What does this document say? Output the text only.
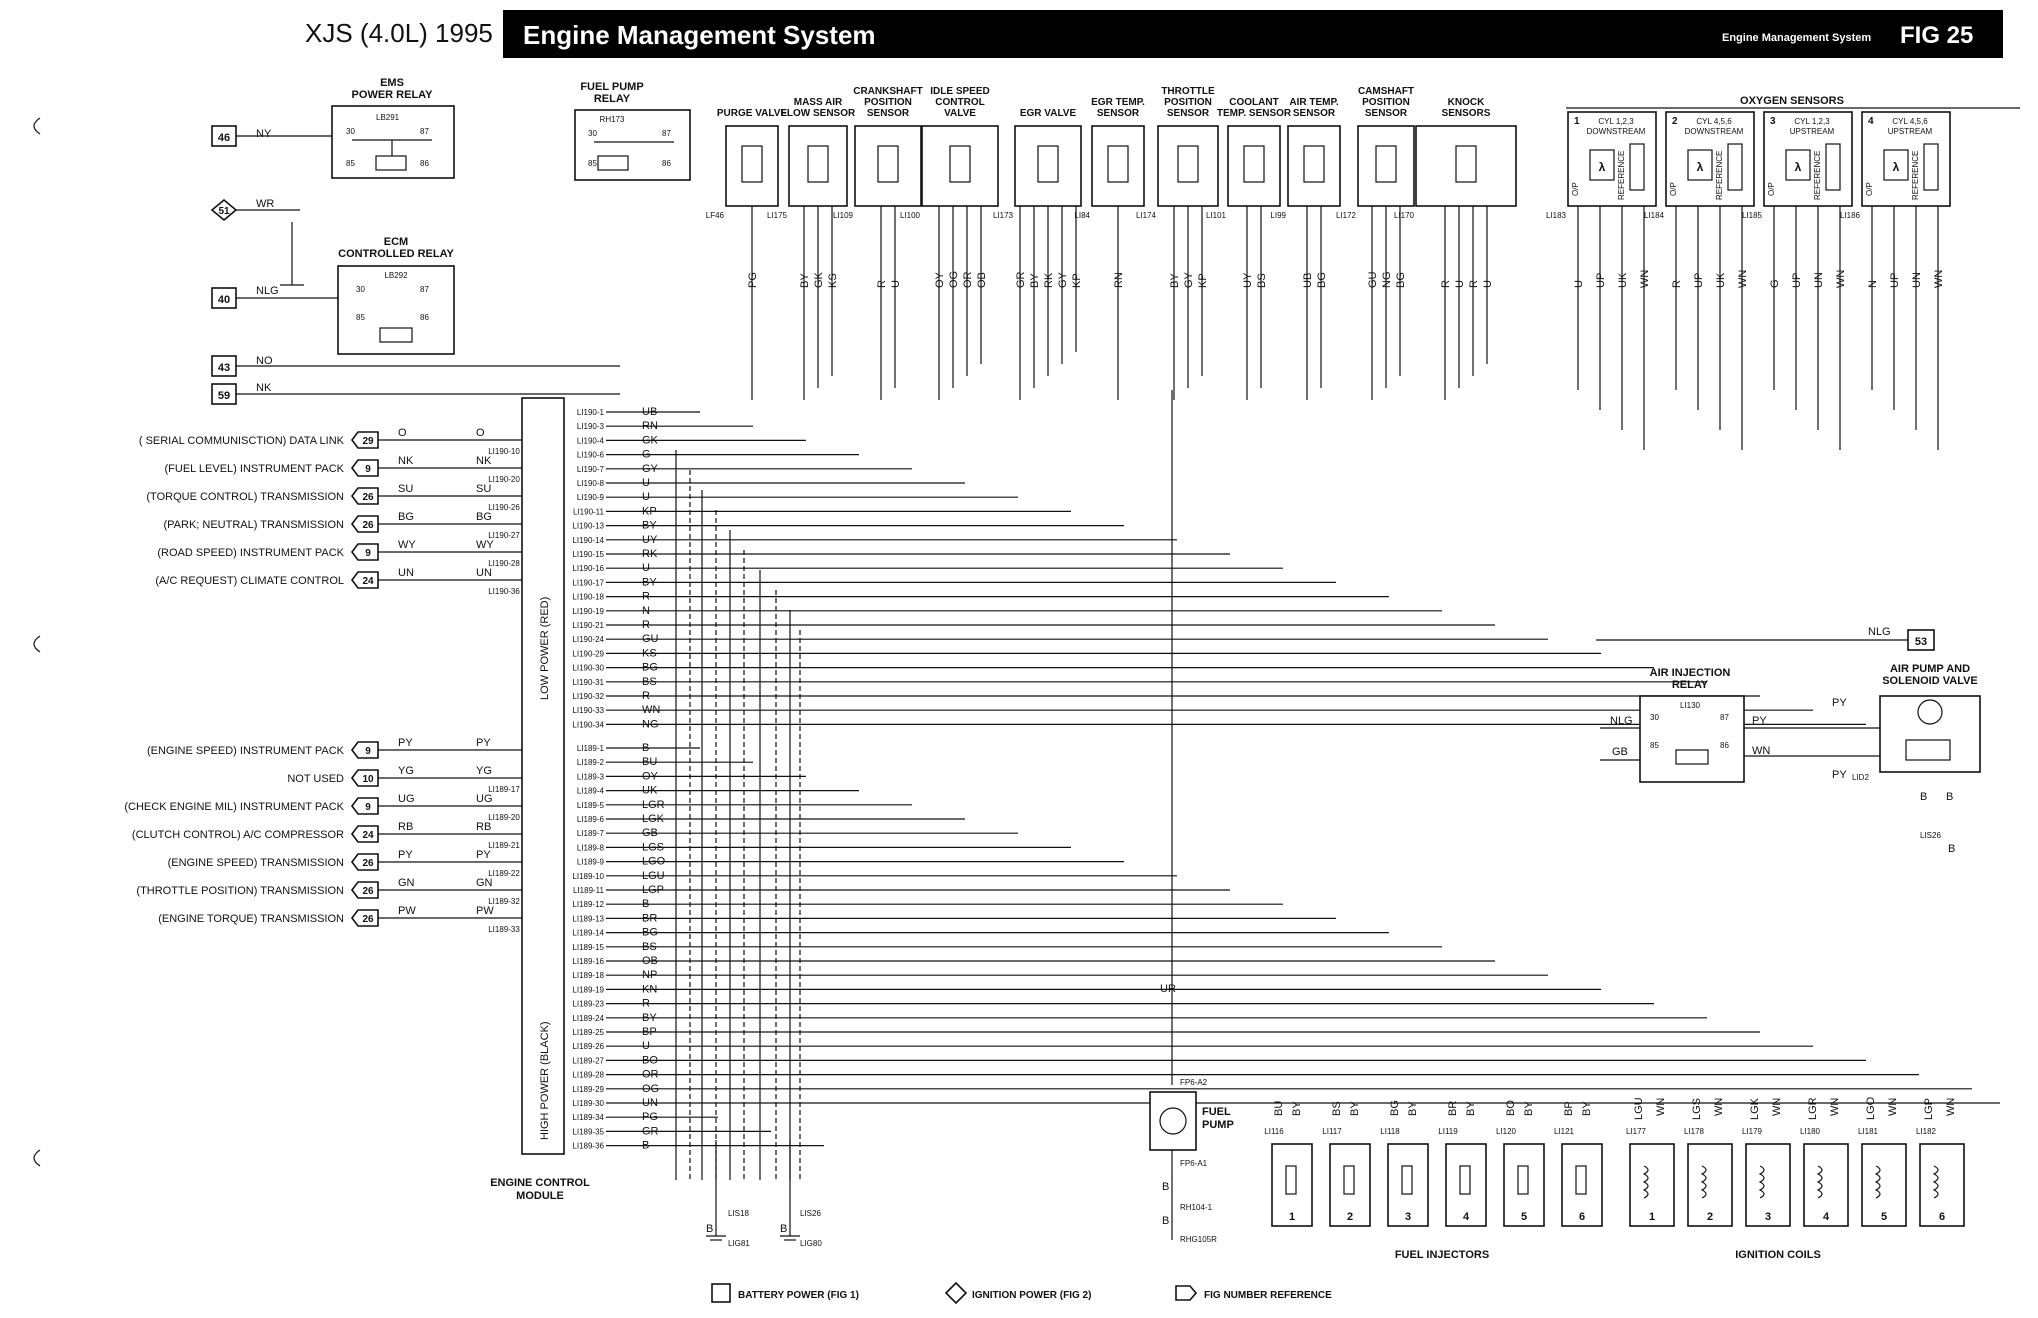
XJS (4.0L) 1995 Engine Management System	Engine Management System FIG 25
EMS
POWER RELAY
LB291
30	87
85	86
FUEL PUMP
RELAY
RH173
30	87
85	86
ECM
CONTROLLED RELAY
LB292
30	87
85	86
46 NY
51
WR
40
NLG
43
NO
59
NK
PURGE VALVE
LF46
PG
MASS AIR
FLOW SENSOR
LI175
BY GK KS
CRANKSHAFT
POSITION
SENSOR
LI109
R U
IDLE SPEED
CONTROL
VALVE
LI100
OY OG OR OB
EGR VALVE
LI173
GR BY RK GY KP
EGR TEMP.
SENSOR
LI84
RN
THROTTLE
POSITION
SENSOR
LI174
BY GY KP
COOLANT
TEMP. SENSOR
LI101
UY BS
AIR TEMP.
SENSOR
LI99
UB BG
CAMSHAFT
POSITION
SENSOR
LI172
GU NG BG
KNOCK
SENSORS
LI170
R U R U
OXYGEN SENSORS
1 CYL 1,2,3
DOWNSTREAM
λ
O/P	REFERENCE
LI183
U UP UK WN
2 CYL 4,5,6
DOWNSTREAM
λ
O/P	REFERENCE
LI184
R UP UK WN
3 CYL 1,2,3
UPSTREAM
λ
O/P	REFERENCE
LI185
G UP UN WN
4 CYL 4,5,6
UPSTREAM
λ
O/P	REFERENCE
LI186
N UP UN WN
LOW POWER (RED)
HIGH POWER (BLACK)
ENGINE CONTROL
MODULE
LI190-1	UB
LI190-3	RN
LI190-4	GK
LI190-6	G
LI190-7	GY
LI190-8	U
LI190-9	U
LI190-11	KP
LI190-13	BY
LI190-14	UY
LI190-15	RK
LI190-16	U
LI190-17	BY
LI190-18	R
LI190-19	N
LI190-21	R
LI190-24	GU
LI190-29	KS
LI190-30	BG
LI190-31	BS
LI190-32	R
LI190-33	WN
LI190-34	NG
LI189-1	B
LI189-2	BU
LI189-3	OY
LI189-4	UK
LI189-5	LGR
LI189-6	LGK
LI189-7	GB
LI189-8	LGS
LI189-9	LGO
LI189-10	LGU
LI189-11	LGP
LI189-12	B
LI189-13	BR
LI189-14	BG
LI189-15	BS
LI189-16	OB
LI189-18	NP
LI189-19	KN
LI189-23	R
LI189-24	BY
LI189-25	BP
LI189-26	U
LI189-27	BO
LI189-28	OR
LI189-29	OG
LI189-30	UN
LI189-34	PG
LI189-35	GR
LI189-36	B
( SERIAL COMMUNISCTION) DATA LINK 29
O	O
LI190-10
(FUEL LEVEL) INSTRUMENT PACK 9
NK	NK
LI190-20
(TORQUE CONTROL) TRANSMISSION 26
SU	SU
LI190-26
(PARK; NEUTRAL) TRANSMISSION 26
BG	BG
LI190-27
(ROAD SPEED) INSTRUMENT PACK 9
WY	WY
LI190-28
(A/C REQUEST) CLIMATE CONTROL 24
UN	UN
LI190-36
(ENGINE SPEED) INSTRUMENT PACK 9
PY	PY
NOT USED 10
YG	YG
LI189-17
(CHECK ENGINE MIL) INSTRUMENT PACK 9
UG	UG
LI189-20
(CLUTCH CONTROL) A/C COMPRESSOR 24
RB	RB
LI189-21
(ENGINE SPEED) TRANSMISSION 26
PY	PY
LI189-22
(THROTTLE POSITION) TRANSMISSION 26
GN	GN
LI189-32
(ENGINE TORQUE) TRANSMISSION 26
PW	PW
LI189-33
AIR INJECTION
RELAY
LI130
30	87
85	86
NLG
GB
PY
WN
AIR PUMP AND
SOLENOID VALVE
53
NLG
PY
PY LID2
B B
LIS26
B
UR
FP6-A2
FUEL
PUMP
FP6-A1
B
RH104-1
B
RHG105R
BU BY
LI116
1
BS BY
LI117
2
BG BY
LI118
3
BR BY
LI119
4
BO BY
LI120
5
BP BY
LI121
6
LGU WN
LI177
1
LGS WN
LI178
2
LGK WN
LI179
3
LGR WN
LI180
4
LGO WN
LI181
5
LGP WN
LI182
6
FUEL INJECTORS	IGNITION COILS
LIS18
LIG81
LIS26
LIG80
B	B
BATTERY POWER (FIG 1)	IGNITION POWER (FIG 2)	FIG NUMBER REFERENCE
